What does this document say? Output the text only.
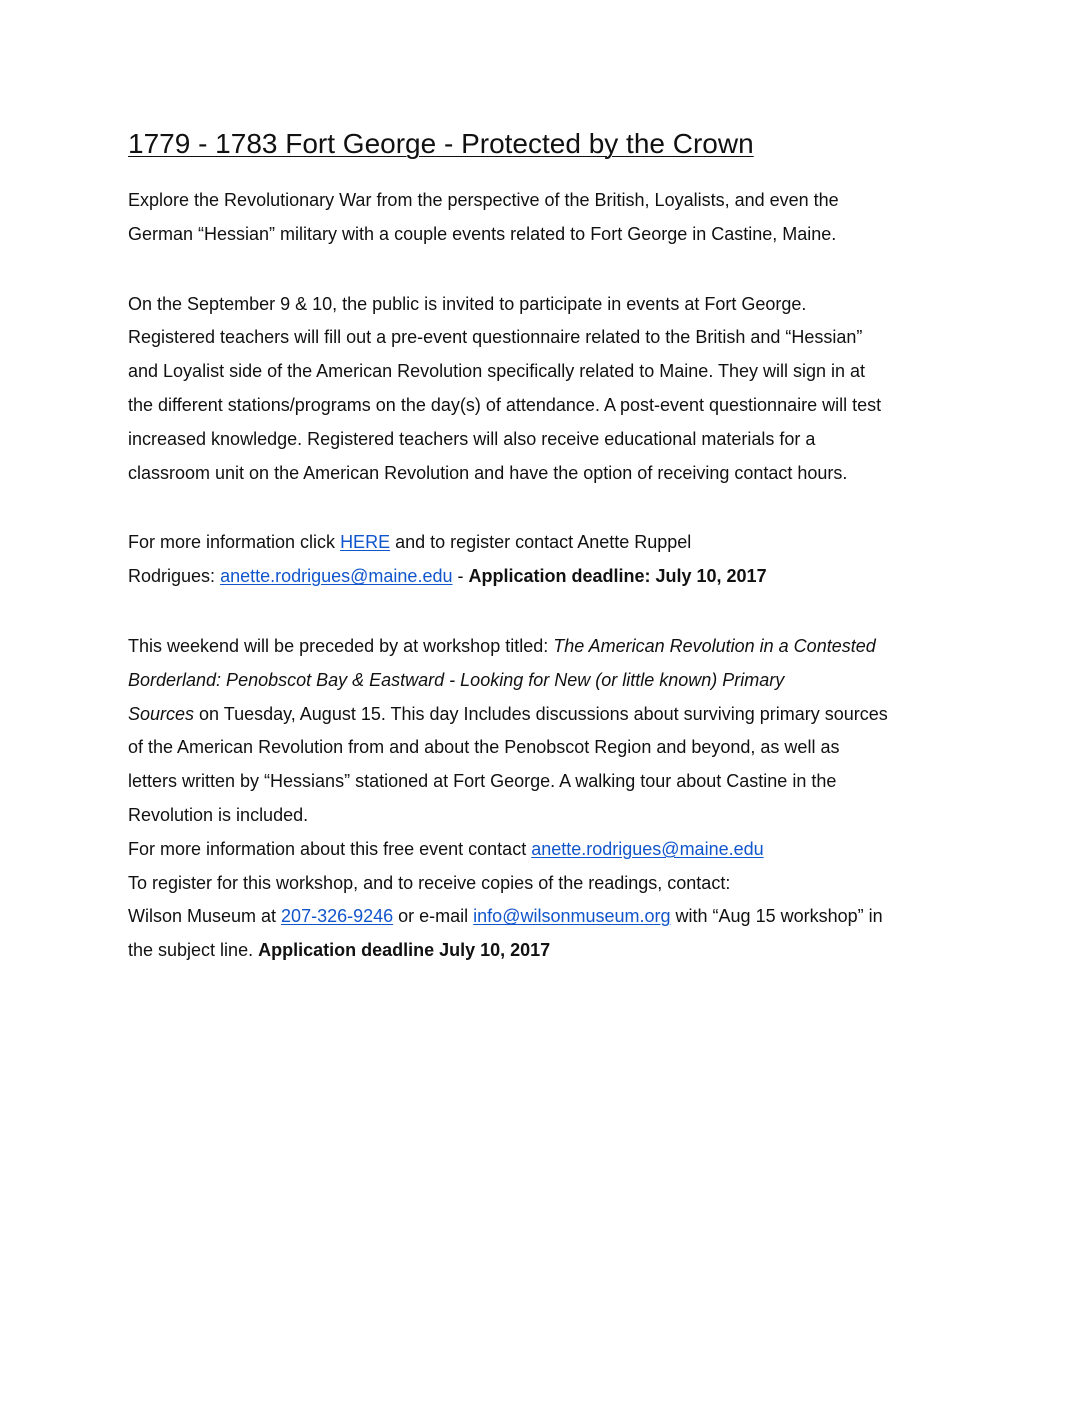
1779 - 1783 Fort George - Protected by the Crown
Explore the Revolutionary War from the perspective of the British, Loyalists, and even the
German “Hessian” military with a couple events related to Fort George in Castine, Maine.
On the September 9 & 10, the public is invited to participate in events at Fort George.
Registered teachers will fill out a pre-event questionnaire related to the British and “Hessian”
and Loyalist side of the American Revolution specifically related to Maine. They will sign in at
the different stations/programs on the day(s) of attendance. A post-event questionnaire will test
increased knowledge. Registered teachers will also receive educational materials for a
classroom unit on the American Revolution and have the option of receiving contact hours.
For more information click HERE and to register contact Anette Ruppel
Rodrigues: anette.rodrigues@maine.edu - Application deadline: July 10, 2017
This weekend will be preceded by at workshop titled: The American Revolution in a Contested
Borderland: Penobscot Bay & Eastward - Looking for New (or little known) Primary
Sources on Tuesday, August 15. This day Includes discussions about surviving primary sources
of the American Revolution from and about the Penobscot Region and beyond, as well as
letters written by “Hessians” stationed at Fort George. A walking tour about Castine in the
Revolution is included.
For more information about this free event contact anette.rodrigues@maine.edu
To register for this workshop, and to receive copies of the readings, contact:
Wilson Museum at 207-326-9246 or e-mail info@wilsonmuseum.org with “Aug 15 workshop” in
the subject line. Application deadline July 10, 2017
